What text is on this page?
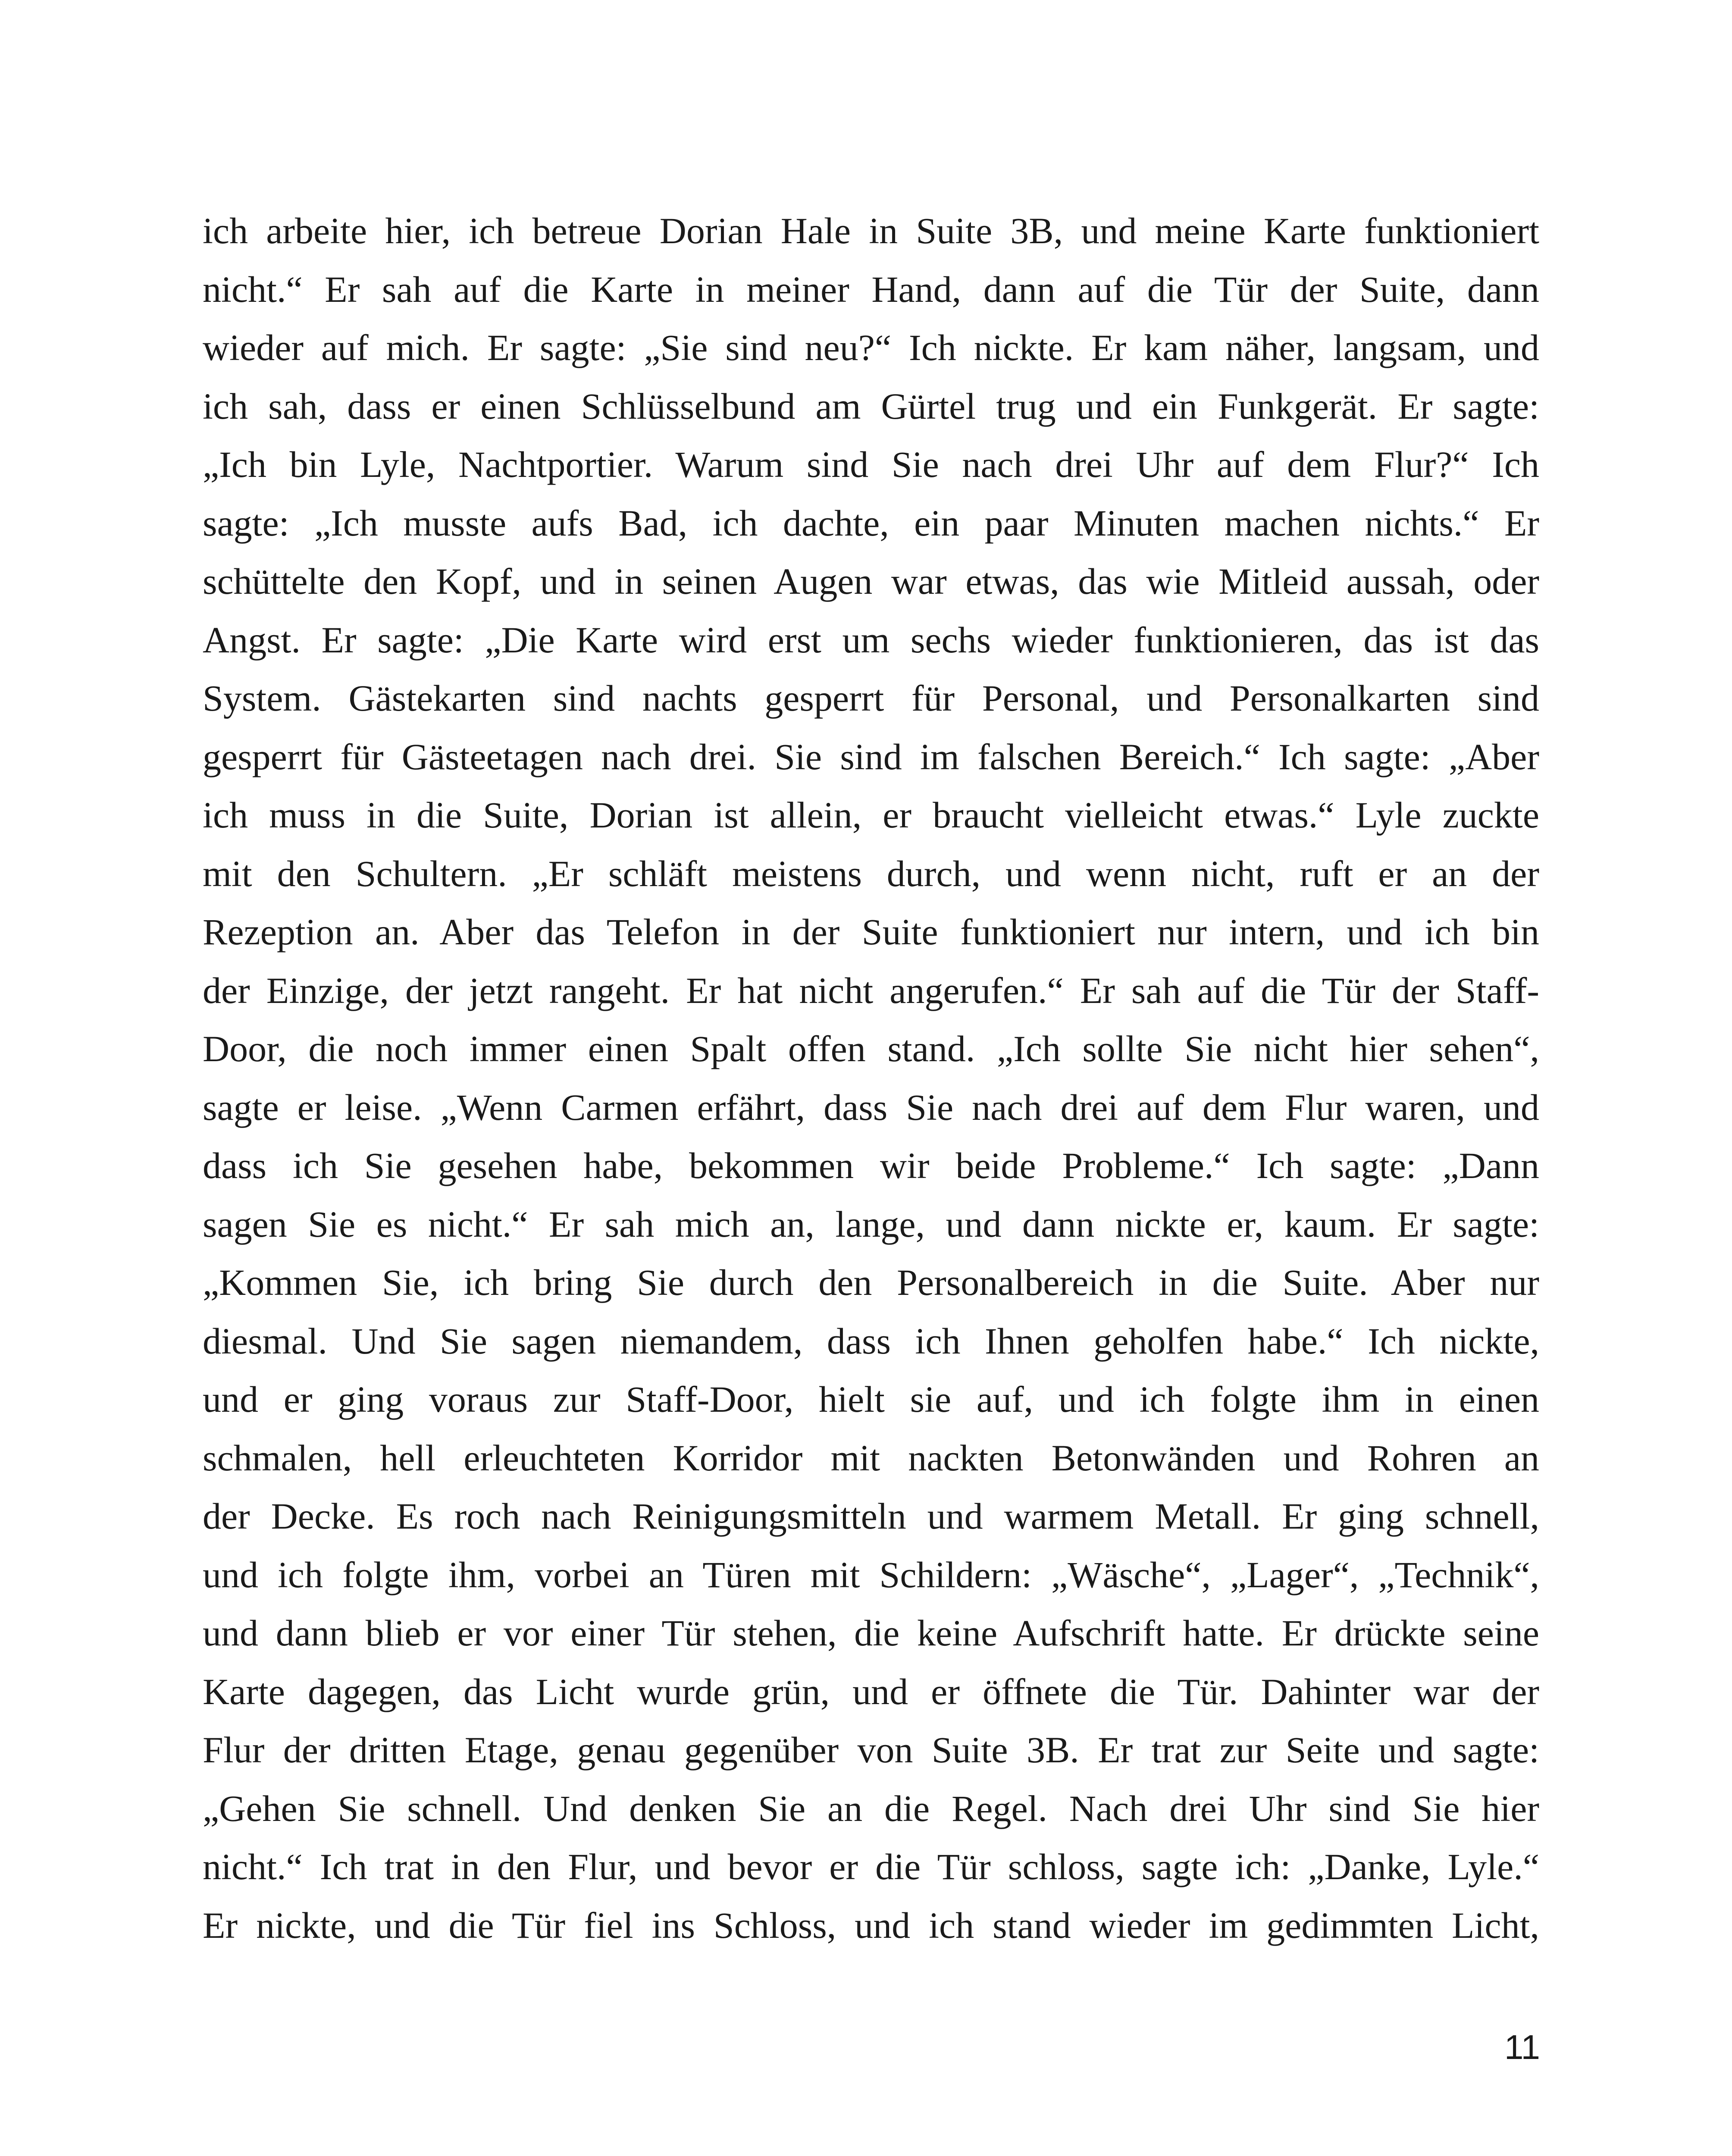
ich arbeite hier, ich betreue Dorian Hale in Suite 3B, und meine Karte funktioniert
nicht.“ Er sah auf die Karte in meiner Hand, dann auf die Tür der Suite, dann
wieder auf mich. Er sagte: „Sie sind neu?“ Ich nickte. Er kam näher, langsam, und
ich sah, dass er einen Schlüsselbund am Gürtel trug und ein Funkgerät. Er sagte:
„Ich bin Lyle, Nachtportier. Warum sind Sie nach drei Uhr auf dem Flur?“ Ich
sagte: „Ich musste aufs Bad, ich dachte, ein paar Minuten machen nichts.“ Er
schüttelte den Kopf, und in seinen Augen war etwas, das wie Mitleid aussah, oder
Angst. Er sagte: „Die Karte wird erst um sechs wieder funktionieren, das ist das
System. Gästekarten sind nachts gesperrt für Personal, und Personalkarten sind
gesperrt für Gästeetagen nach drei. Sie sind im falschen Bereich.“ Ich sagte: „Aber
ich muss in die Suite, Dorian ist allein, er braucht vielleicht etwas.“ Lyle zuckte
mit den Schultern. „Er schläft meistens durch, und wenn nicht, ruft er an der
Rezeption an. Aber das Telefon in der Suite funktioniert nur intern, und ich bin
der Einzige, der jetzt rangeht. Er hat nicht angerufen.“ Er sah auf die Tür der Staff-
Door, die noch immer einen Spalt offen stand. „Ich sollte Sie nicht hier sehen“,
sagte er leise. „Wenn Carmen erfährt, dass Sie nach drei auf dem Flur waren, und
dass ich Sie gesehen habe, bekommen wir beide Probleme.“ Ich sagte: „Dann
sagen Sie es nicht.“ Er sah mich an, lange, und dann nickte er, kaum. Er sagte:
„Kommen Sie, ich bring Sie durch den Personalbereich in die Suite. Aber nur
diesmal. Und Sie sagen niemandem, dass ich Ihnen geholfen habe.“ Ich nickte,
und er ging voraus zur Staff-Door, hielt sie auf, und ich folgte ihm in einen
schmalen, hell erleuchteten Korridor mit nackten Betonwänden und Rohren an
der Decke. Es roch nach Reinigungsmitteln und warmem Metall. Er ging schnell,
und ich folgte ihm, vorbei an Türen mit Schildern: „Wäsche“, „Lager“, „Technik“,
und dann blieb er vor einer Tür stehen, die keine Aufschrift hatte. Er drückte seine
Karte dagegen, das Licht wurde grün, und er öffnete die Tür. Dahinter war der
Flur der dritten Etage, genau gegenüber von Suite 3B. Er trat zur Seite und sagte:
„Gehen Sie schnell. Und denken Sie an die Regel. Nach drei Uhr sind Sie hier
nicht.“ Ich trat in den Flur, und bevor er die Tür schloss, sagte ich: „Danke, Lyle.“
Er nickte, und die Tür fiel ins Schloss, und ich stand wieder im gedimmten Licht,
11
